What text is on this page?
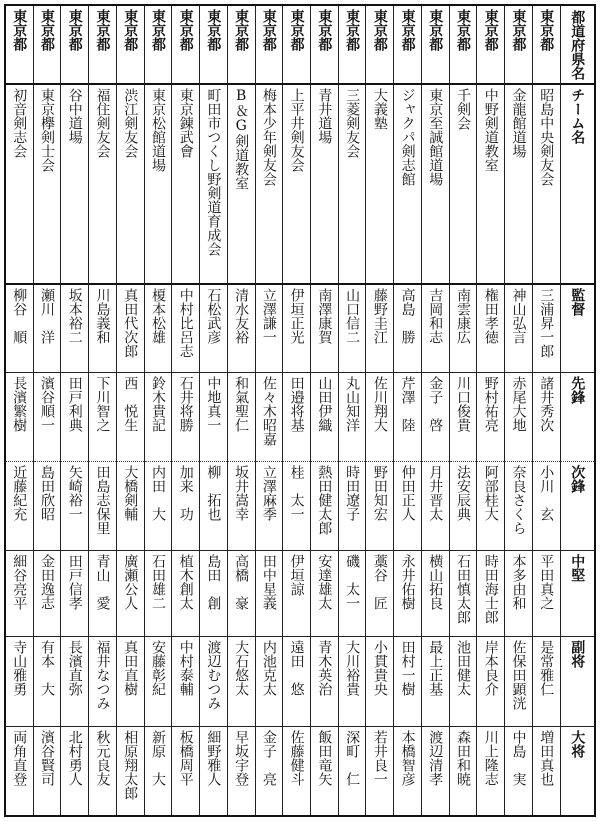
都道府県名
チーム名
監督
先鋒
次鋒
中堅
副将
大将
東京都
昭島中央剣友会
三浦昇一郎
諸井秀次
小川　玄
平田真之
是常雅仁
増田真也
東京都
金龍館道場
神山弘言
赤尾大地
奈良さくら
本多由和
佐保田顕洸
中島　実
東京都
中野剣道教室
権田孝徳
野村祐亮
阿部桂大
時田海士郎
岸本良介
川上隆志
東京都
千剣会
南雲康広
川口俊貴
法安辰典
石田慎太郎
池田健太
森田和暁
東京都
東京至誠館道場
吉岡和志
金子　啓
月井晋太
横山拓良
最上正基
渡辺清孝
東京都
ジャクパ剣志館
高島　勝
芹澤　陸
仲田正人
永井佑樹
田村一樹
本橋智彦
東京都
大義塾
藤野圭江
佐川翔大
野田知宏
藁谷　匠
小貫貴央
若井良一
東京都
三菱剣友会
山口信二
丸山知洋
時田遼子
磯　太一
大川裕貴
深町　仁
東京都
青井道場
南澤康賀
山田伊織
熱田健太郎
安達雄太
青木英治
飯田竜矢
東京都
上平井剣友会
伊垣正光
田邉将基
桂　太一
伊垣諒
遠田　悠
佐藤健斗
東京都
梅本少年剣友会
立澤謙一
佐々木昭嘉
立澤麻季
田中星義
内池克太
金子　亮
東京都
B＆G剣道教室
清水友裕
和氣聖仁
坂井嵩幸
高橋　豪
大石悠太
早坂宇登
東京都
町田市つくし野剣道育成会
石松武彦
中地真一
柳　拓也
島田　創
渡辺むつみ
細野雅人
東京都
東京錬武會
中村比呂志
石井将勝
加来　功
植木創太
中村泰輔
板橋周平
東京都
東京松館道場
榎本松雄
鈴木貴記
内田　大
石田雄二
安藤彰紀
新原　大
東京都
渋江剣友会
真田代次郎
西　悦生
大橋剣輔
廣瀬公人
真田直樹
相原翔太郎
東京都
福住剣友会
川島義和
下川智之
田島志保里
青山　愛
福井なつみ
秋元良友
東京都
谷中道場
坂本裕二
田戸利典
矢崎裕一
田戸信孝
長濱直弥
北村勇人
東京都
東京欅剣士会
瀬川　洋
濱谷順一
島田欣昭
金田逸志
有本　大
濱谷賢司
東京都
初音剣志会
柳谷　順
長濱繁樹
近藤紀充
細谷亮平
寺山雅勇
両角直登
